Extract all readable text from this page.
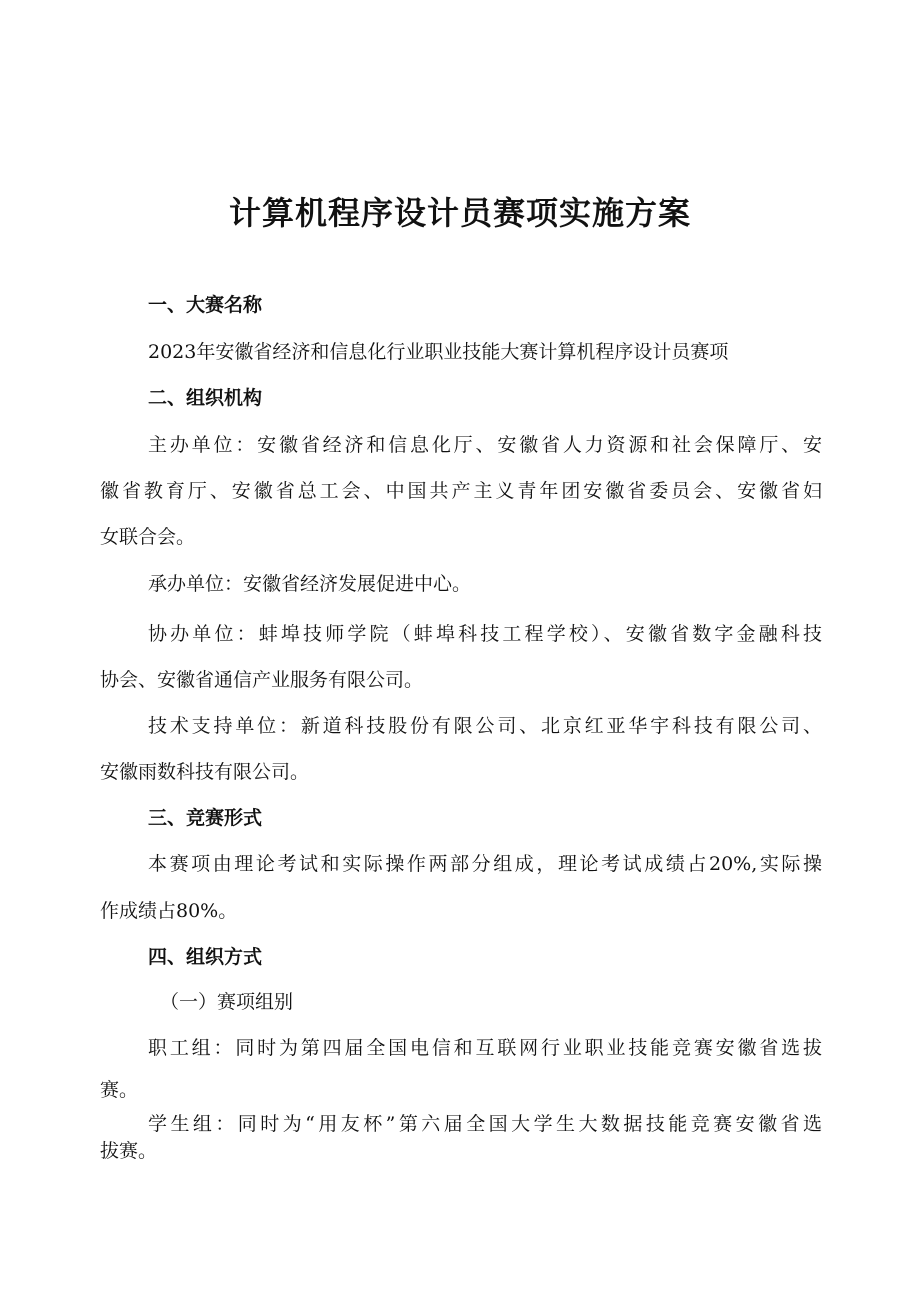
计算机程序设计员赛项实施方案

一、大赛名称

2023年安徽省经济和信息化行业职业技能大赛计算机程序设计员赛项

二、组织机构

主办单位：安徽省经济和信息化厅、安徽省人力资源和社会保障厅、安

徽省教育厅、安徽省总工会、中国共产主义青年团安徽省委员会、安徽省妇

女联合会。

承办单位：安徽省经济发展促进中心。

协办单位：蚌埠技师学院（蚌埠科技工程学校）、安徽省数字金融科技

协会、安徽省通信产业服务有限公司。

技术支持单位：新道科技股份有限公司、北京红亚华宇科技有限公司、

安徽雨数科技有限公司。

三、竞赛形式

本赛项由理论考试和实际操作两部分组成，理论考试成绩占20%,实际操

作成绩占80%。

四、组织方式

（一）赛项组别

职工组：同时为第四届全国电信和互联网行业职业技能竞赛安徽省选拔

赛。

学生组：同时为“用友杯”第六届全国大学生大数据技能竞赛安徽省选

拔赛。
